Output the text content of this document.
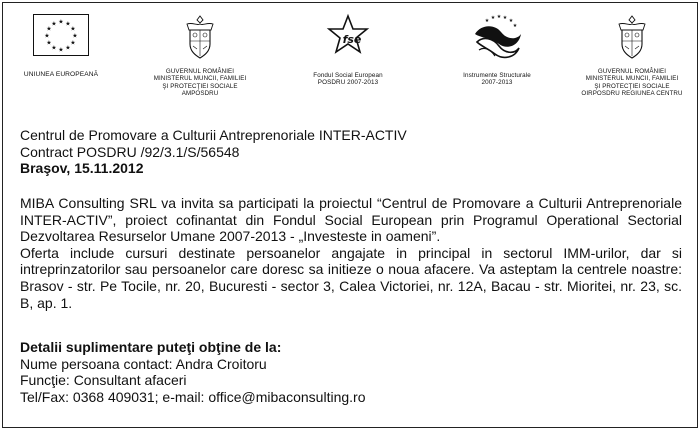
★ ★
★
★
★
★
★
★
★
★
★
★
UNIUNEA EUROPEANĂ	GUVERNUL ROMÂNIEI
MINISTERUL MUNCII, FAMILIEI
ŞI PROTECŢIEI SOCIALE
AMPOSDRU
fse
Fondul Social European
POSDRU 2007-2013
★ ★ ★ ★ ★
★
Instrumente Structurale
2007-2013
GUVERNUL ROMÂNIEI
MINISTERUL MUNCII, FAMILIEI
ŞI PROTECŢIEI SOCIALE
OIRPOSDRU REGIUNEA CENTRU
Centrul de Promovare a Culturii Antreprenoriale INTER-ACTIV
Contract POSDRU /92/3.1/S/56548
Braşov, 15.11.2012

MIBA Consulting SRL va invita sa participati la proiectul “Centrul de Promovare a Culturii Antreprenoriale INTER-ACTIV”, proiect cofinantat din Fondul Social European prin Programul Operational Sectorial Dezvoltarea Resurselor Umane 2007-2013 - „Investeste in oameni”.

Oferta include cursuri destinate persoanelor angajate in principal in sectorul IMM-urilor, dar si intreprinzatorilor sau persoanelor care doresc sa initieze o noua afacere. Va asteptam la centrele noastre: Brasov - str. Pe Tocile, nr. 20, Bucuresti - sector 3, Calea Victoriei, nr. 12A, Bacau - str. Mioritei, nr. 23, sc. B, ap. 1.

Detalii suplimentare puteţi obţine de la:
Nume persoana contact: Andra Croitoru
Funcţie: Consultant afaceri
Tel/Fax: 0368 409031; e-mail: office@mibaconsulting.ro
